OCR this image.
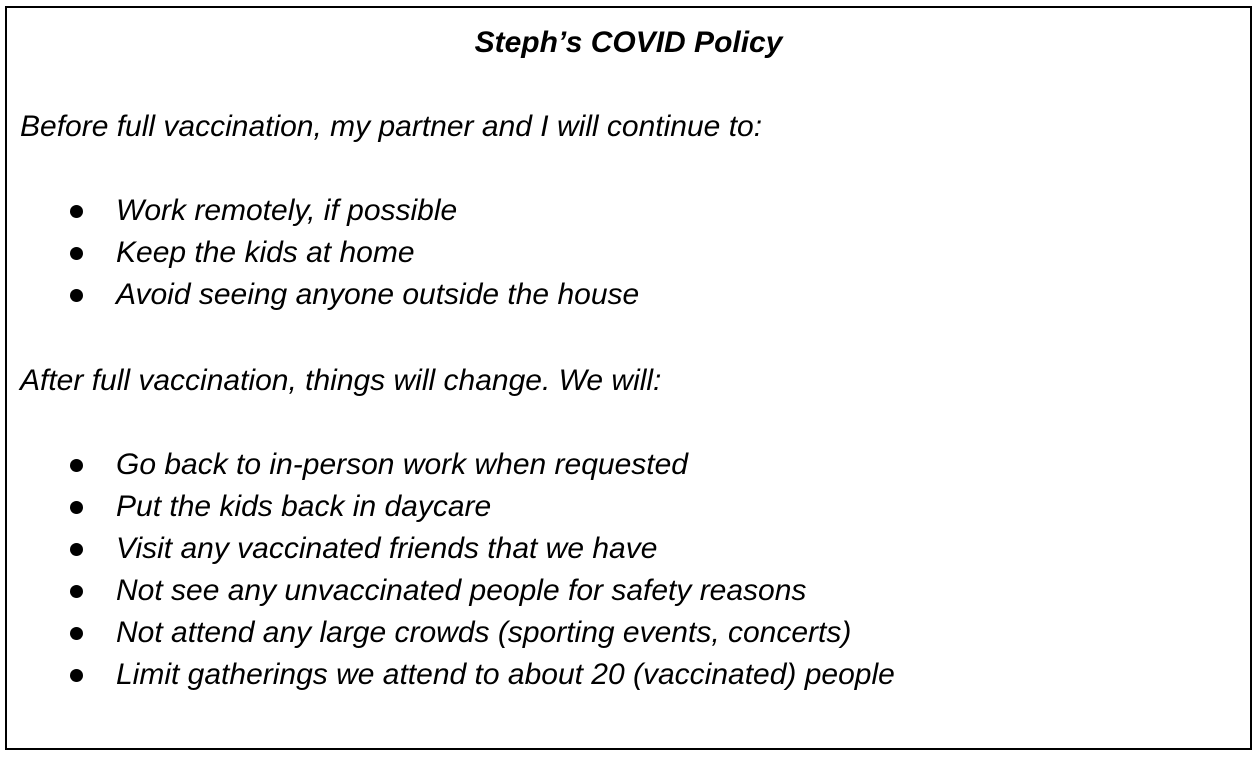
Steph’s COVID Policy

Before full vaccination, my partner and I will continue to:

Work remotely, if possible
Keep the kids at home
Avoid seeing anyone outside the house

After full vaccination, things will change. We will:

Go back to in-person work when requested
Put the kids back in daycare
Visit any vaccinated friends that we have
Not see any unvaccinated people for safety reasons
Not attend any large crowds (sporting events, concerts)
Limit gatherings we attend to about 20 (vaccinated) people
